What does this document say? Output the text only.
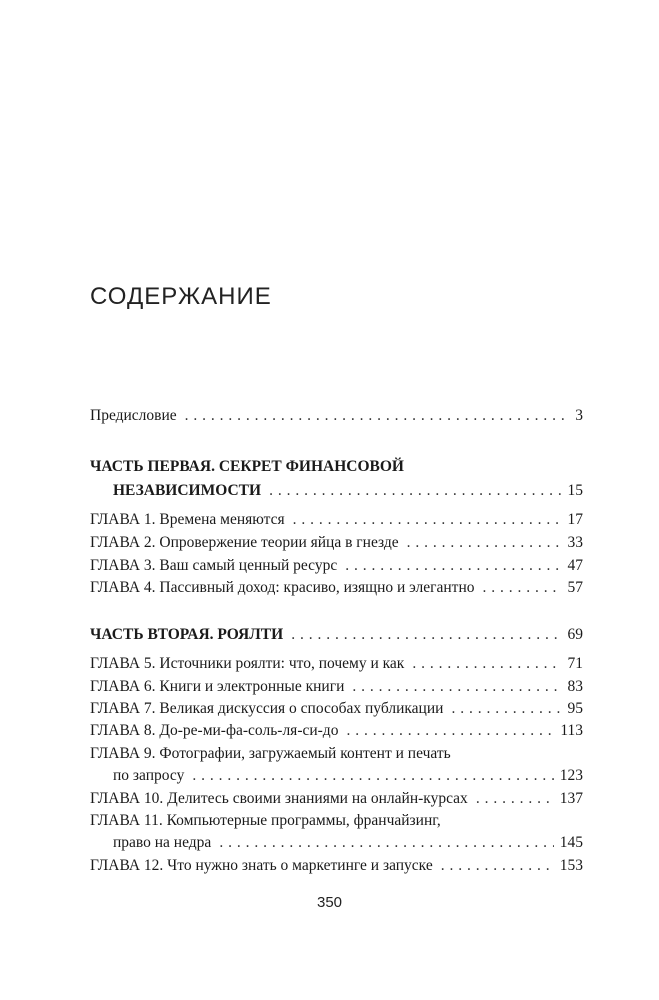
СОДЕРЖАНИЕ
Предисловие . . .	3
ЧАСТЬ ПЕРВАЯ. СЕКРЕТ ФИНАНСОВОЙ
НЕЗАВИСИМОСТИ . . .	15
ГЛАВА 1. Времена меняются . . .	17
ГЛАВА 2. Опровержение теории яйца в гнезде . . .	33
ГЛАВА 3. Ваш самый ценный ресурс . . .	47
ГЛАВА 4. Пассивный доход: красиво, изящно и элегантно . . .	57
ЧАСТЬ ВТОРАЯ. РОЯЛТИ . . .	69
ГЛАВА 5. Источники роялти: что, почему и как . . .	71
ГЛАВА 6. Книги и электронные книги . . .	83
ГЛАВА 7. Великая дискуссия о способах публикации . . .	95
ГЛАВА 8. До-ре-ми-фа-соль-ля-си-до . . .	113
ГЛАВА 9. Фотографии, загружаемый контент и печать
по запросу . . .	123
ГЛАВА 10. Делитесь своими знаниями на онлайн-курсах . . .	137
ГЛАВА 11. Компьютерные программы, франчайзинг,
право на недра . . .	145
ГЛАВА 12. Что нужно знать о маркетинге и запуске . . .	153
350
